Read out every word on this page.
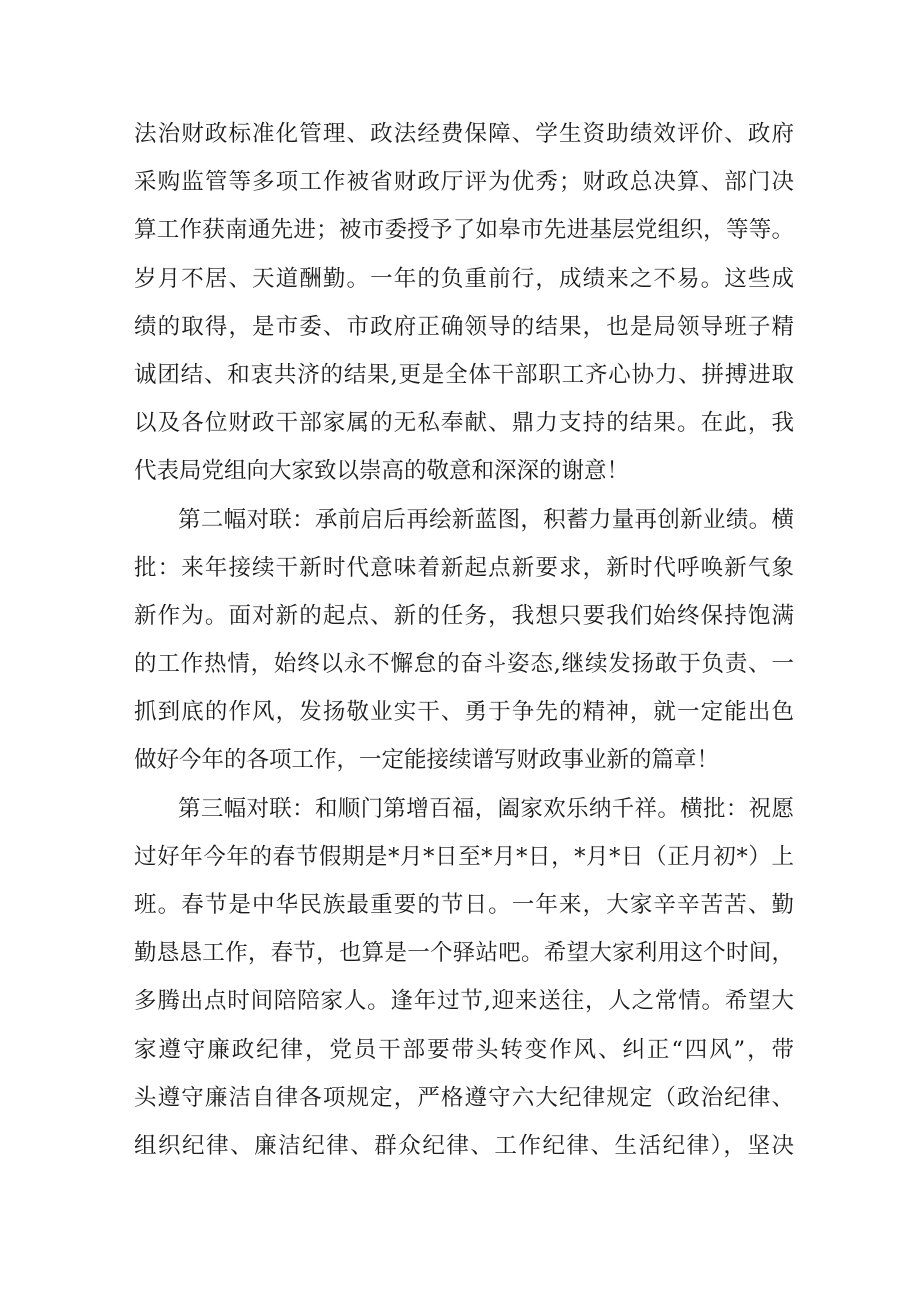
法治财政标准化管理、政法经费保障、学生资助绩效评价、政府
采购监管等多项工作被省财政厅评为优秀；财政总决算、部门决
算工作获南通先进；被市委授予了如皋市先进基层党组织，等等。
岁月不居、天道酬勤。一年的负重前行，成绩来之不易。这些成
绩的取得，是市委、市政府正确领导的结果，也是局领导班子精
诚团结、和衷共济的结果,更是全体干部职工齐心协力、拼搏进取
以及各位财政干部家属的无私奉献、鼎力支持的结果。在此，我
代表局党组向大家致以崇高的敬意和深深的谢意！
第二幅对联：承前启后再绘新蓝图，积蓄力量再创新业绩。横
批：来年接续干新时代意味着新起点新要求，新时代呼唤新气象
新作为。面对新的起点、新的任务，我想只要我们始终保持饱满
的工作热情，始终以永不懈怠的奋斗姿态,继续发扬敢于负责、一
抓到底的作风，发扬敬业实干、勇于争先的精神，就一定能出色
做好今年的各项工作，一定能接续谱写财政事业新的篇章！
第三幅对联：和顺门第增百福，阖家欢乐纳千祥。横批：祝愿
过好年今年的春节假期是*月*日至*月*日，*月*日（正月初*）上
班。春节是中华民族最重要的节日。一年来，大家辛辛苦苦、勤
勤恳恳工作，春节，也算是一个驿站吧。希望大家利用这个时间，
多腾出点时间陪陪家人。逢年过节,迎来送往，人之常情。希望大
家遵守廉政纪律，党员干部要带头转变作风、纠正“四风”，带
头遵守廉洁自律各项规定，严格遵守六大纪律规定（政治纪律、
组织纪律、廉洁纪律、群众纪律、工作纪律、生活纪律），坚决
